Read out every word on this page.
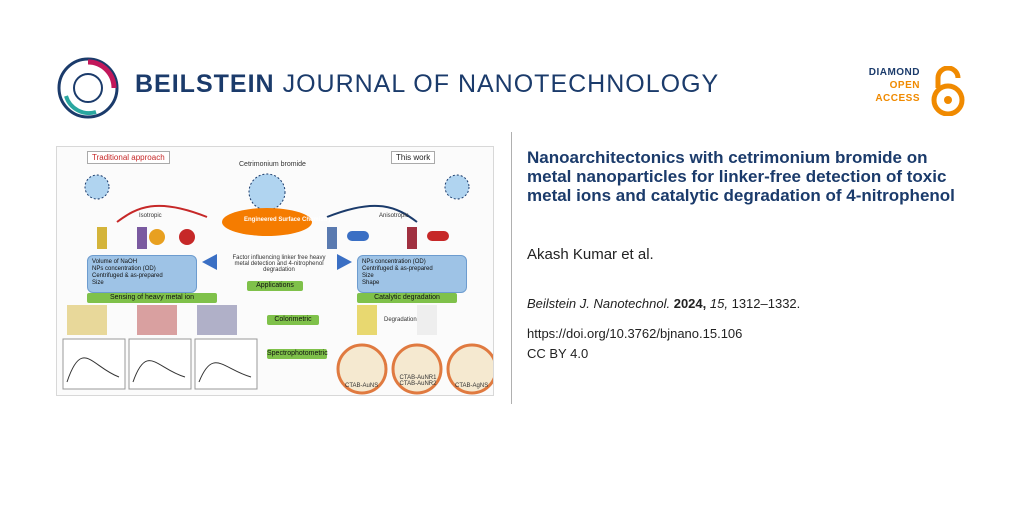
BEILSTEIN JOURNAL OF NANOTECHNOLOGY	DIAMOND
OPEN
ACCESS
Traditional approach	This work
Cetrimonium bromide
Engineered Surface Chemistry
Isotropic	Anisotropic
Volume of NaOH
NPs concentration (OD)
Centrifuged & as-prepared
Size
Factor influencing linker free heavy metal detection and 4-nitrophenol degradation
NPs concentration (OD)
Centrifuged & as-prepared
Size
Shape
Applications
Sensing of heavy metal ion	Catalytic degradation
Colorimetric
Spectrophotometric
Degradation
CTAB-AuNS
CTAB-AuNR1 CTAB-AuNR2	CTAB-AgNS
Nanoarchitectonics with cetrimonium bromide on metal nanoparticles for linker-free detection of toxic metal ions and catalytic degradation of 4-nitrophenol
Akash Kumar et al.
Beilstein J. Nanotechnol. 2024, 15, 1312–1332.
https://doi.org/10.3762/bjnano.15.106
CC BY 4.0
